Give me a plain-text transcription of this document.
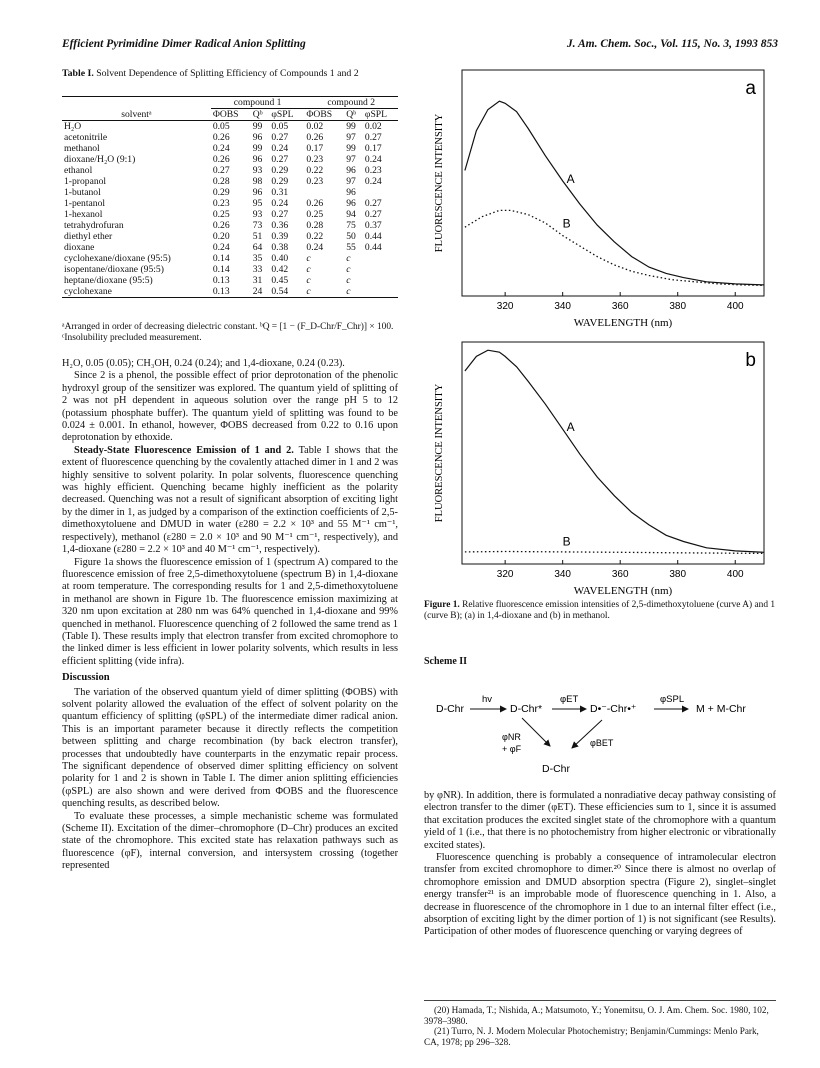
Efficient Pyrimidine Dimer Radical Anion Splitting	J. Am. Chem. Soc., Vol. 115, No. 3, 1993 853
Table I. Solvent Dependence of Splitting Efficiency of Compounds 1 and 2
	compound 1			compound 2		
solventᵃ	ΦOBS	Qᵇ	φSPL	ΦOBS	Qᵇ	φSPL
H₂O	0.05	99	0.05	0.02	99	0.02
acetonitrile	0.26	96	0.27	0.26	97	0.27
methanol	0.24	99	0.24	0.17	99	0.17
dioxane/H₂O (9:1)	0.26	96	0.27	0.23	97	0.24
ethanol	0.27	93	0.29	0.22	96	0.23
1-propanol	0.28	98	0.29	0.23	97	0.24
1-butanol	0.29	96	0.31		96	
1-pentanol	0.23	95	0.24	0.26	96	0.27
1-hexanol	0.25	93	0.27	0.25	94	0.27
tetrahydrofuran	0.26	73	0.36	0.28	75	0.37
diethyl ether	0.20	51	0.39	0.22	50	0.44
dioxane	0.24	64	0.38	0.24	55	0.44
cyclohexane/dioxane (95:5)	0.14	35	0.40	c	c	
isopentane/dioxane (95:5)	0.14	33	0.42	c	c	
heptane/dioxane (95:5)	0.13	31	0.45	c	c	
cyclohexane	0.13	24	0.54	c	c	
ᵃArranged in order of decreasing dielectric constant. ᵇQ = [1 − (F_D-Chr/F_Chr)] × 100. ᶜInsolubility precluded measurement.

H₂O, 0.05 (0.05); CH₃OH, 0.24 (0.24); and 1,4-dioxane, 0.24 (0.23).

Since 2 is a phenol, the possible effect of prior deprotonation of the phenolic hydroxyl group of the sensitizer was explored. The quantum yield of splitting of 2 was not pH dependent in aqueous solution over the range pH 5 to 12 (potassium phosphate buffer). The quantum yield of splitting was found to be 0.024 ± 0.001. In ethanol, however, ΦOBS decreased from 0.22 to 0.16 upon deprotonation by ethoxide.

Steady-State Fluorescence Emission of 1 and 2. Table I shows that the extent of fluorescence quenching by the covalently attached dimer in 1 and 2 was highly sensitive to solvent polarity. In polar solvents, fluorescence quenching was highly efficient. Quenching became highly inefficient as the polarity decreased. Quenching was not a result of significant absorption of exciting light by the dimer in 1, as judged by a comparison of the extinction coefficients of 2,5-dimethoxytoluene and DMUD in water (ε280 = 2.2 × 10³ and 55 M⁻¹ cm⁻¹, respectively), methanol (ε280 = 2.0 × 10³ and 90 M⁻¹ cm⁻¹, respectively), and 1,4-dioxane (ε280 = 2.2 × 10³ and 40 M⁻¹ cm⁻¹, respectively).

Figure 1a shows the fluorescence emission of 1 (spectrum A) compared to the fluorescence emission of free 2,5-dimethoxytoluene (spectrum B) in 1,4-dioxane at room temperature. The corresponding results for 1 and 2,5-dimethoxytoluene in methanol are shown in Figure 1b. The fluorescence emission maximizing at 320 nm upon excitation at 280 nm was 64% quenched in 1,4-dioxane and 99% quenched in methanol. Fluorescence quenching of 2 followed the same trend as 1 (Table I). These results imply that electron transfer from excited chromophore to the linked dimer is less efficient in lower polarity solvents, which results in less efficient splitting (vide infra).

Discussion

The variation of the observed quantum yield of dimer splitting (ΦOBS) with solvent polarity allowed the evaluation of the effect of solvent polarity on the quantum efficiency of splitting (φSPL) of the intermediate dimer radical anion. This is an important parameter because it directly reflects the competition between splitting and charge recombination (by back electron transfer), processes that undoubtedly have counterparts in the enzymatic repair process. The significant dependence of observed dimer splitting efficiency on solvent polarity for 1 and 2 is shown in Table I. The dimer anion splitting efficiencies (φSPL) are also shown and were derived from ΦOBS and the fluorescence quenching results, as described below.

To evaluate these processes, a simple mechanistic scheme was formulated (Scheme II). Excitation of the dimer–chromophore (D–Chr) produces an excited state of the chromophore. This excited state has relaxation pathways such as fluorescence (φF), internal conversion, and intersystem crossing (together represented

a
FLUORESCENCE INTENSITY
320	340	360	380	400
WAVELENGTH (nm)
A
B
b
FLUORESCENCE INTENSITY
320	340	360	380	400
WAVELENGTH (nm)
A
B
Figure 1. Relative fluorescence emission intensities of 2,5-dimethoxytoluene (curve A) and 1 (curve B); (a) in 1,4-dioxane and (b) in methanol.
Scheme II
D-Chr
hv
D-Chr*
φET
D•⁻-Chr•⁺
φSPL
M + M-Chr
φNR
+ φF
φBET
D-Chr

by φNR). In addition, there is formulated a nonradiative decay pathway consisting of electron transfer to the dimer (φET). These efficiencies sum to 1, since it is assumed that excitation produces the excited singlet state of the chromophore with a quantum yield of 1 (i.e., that there is no photochemistry from higher electronic or vibrationally excited states).

Fluorescence quenching is probably a consequence of intramolecular electron transfer from excited chromophore to dimer.²⁰ Since there is almost no overlap of chromophore emission and DMUD absorption spectra (Figure 2), singlet–singlet energy transfer²¹ is an improbable mode of fluorescence quenching in 1. Also, a decrease in fluorescence of the chromophore in 1 due to an internal filter effect (i.e., absorption of exciting light by the dimer portion of 1) is not significant (see Results). Participation of other modes of fluorescence quenching or varying degrees of

(20) Hamada, T.; Nishida, A.; Matsumoto, Y.; Yonemitsu, O. J. Am. Chem. Soc. 1980, 102, 3978–3980.
(21) Turro, N. J. Modern Molecular Photochemistry; Benjamin/Cummings: Menlo Park, CA, 1978; pp 296–328.
